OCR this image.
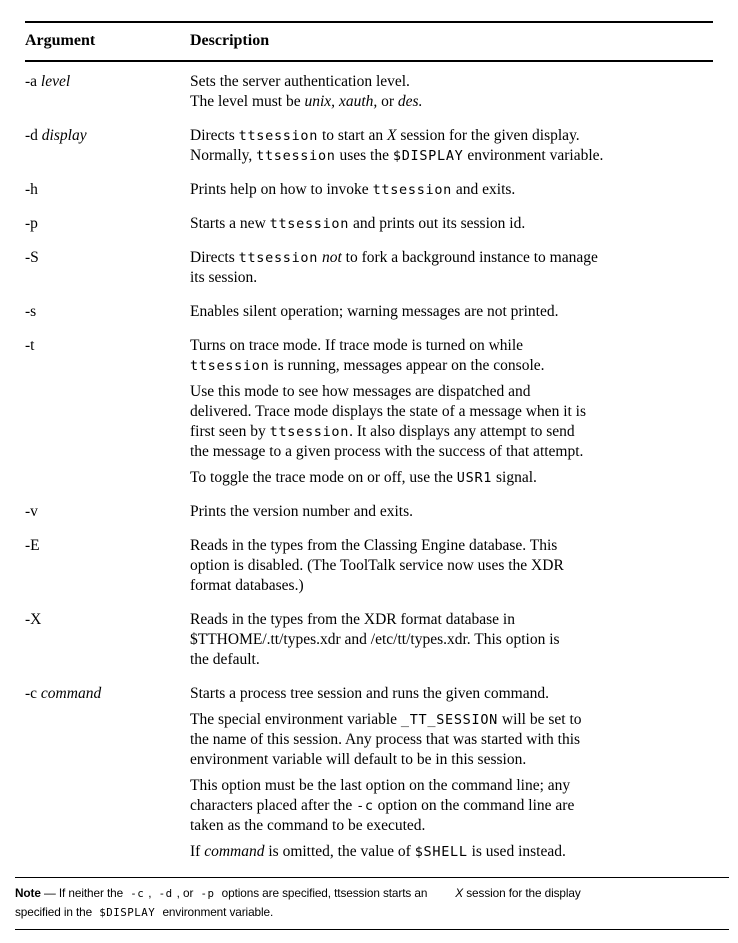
Argument	Description
-a level	Sets the server authentication level.
The level must be unix, xauth, or des.

-d display	Directs ttsession to start an X session for the given display.
Normally, ttsession uses the $DISPLAY environment variable.

-h	Prints help on how to invoke ttsession and exits.

-p	Starts a new ttsession and prints out its session id.

-S	Directs ttsession not to fork a background instance to manage
its session.

-s	Enables silent operation; warning messages are not printed.

-t	Turns on trace mode. If trace mode is turned on while
ttsession is running, messages appear on the console.

Use this mode to see how messages are dispatched and
delivered. Trace mode displays the state of a message when it is
first seen by ttsession. It also displays any attempt to send
the message to a given process with the success of that attempt.

To toggle the trace mode on or off, use the USR1 signal.

-v	Prints the version number and exits.

-E	Reads in the types from the Classing Engine database. This
option is disabled. (The ToolTalk service now uses the XDR
format databases.)

-X	Reads in the types from the XDR format database in
$TTHOME/.tt/types.xdr and /etc/tt/types.xdr. This option is
the default.

-c command	Starts a process tree session and runs the given command.

The special environment variable _TT_SESSION will be set to
the name of this session. Any process that was started with this
environment variable will default to be in this session.

This option must be the last option on the command line; any
characters placed after the -c option on the command line are
taken as the command to be executed.

If command is omitted, the value of $SHELL is used instead.

Note — If neither the -c , -d , or -p options are specified, ttsession starts an X session for the display
specified in the $DISPLAY environment variable.
